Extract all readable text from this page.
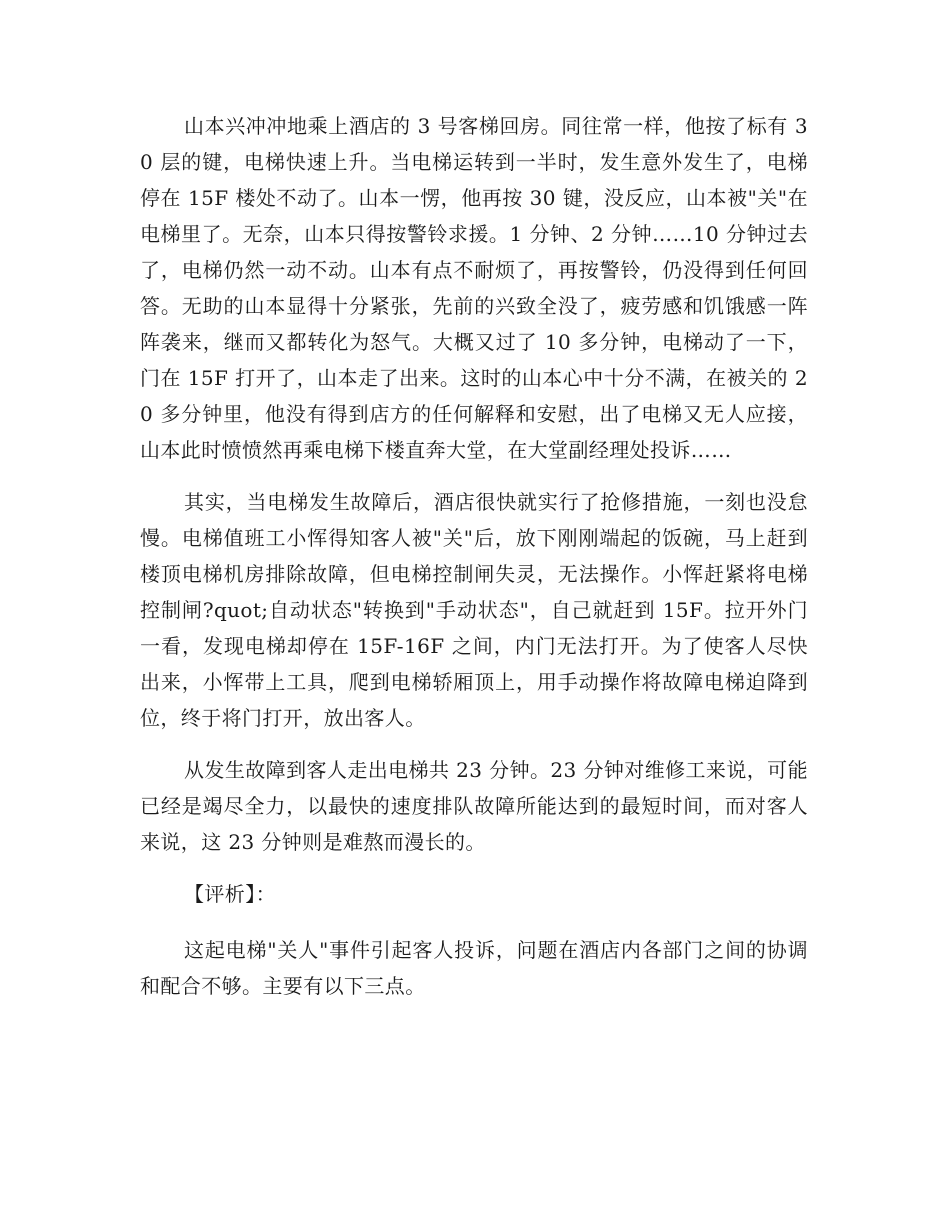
山本兴冲冲地乘上酒店的 3 号客梯回房。同往常一样，他按了标有 30 层的键，电梯快速上升。当电梯运转到一半时，发生意外发生了，电梯停在 15F 楼处不动了。山本一愣，他再按 30 键，没反应，山本被"关"在电梯里了。无奈，山本只得按警铃求援。1 分钟、2 分钟……10 分钟过去了，电梯仍然一动不动。山本有点不耐烦了，再按警铃，仍没得到任何回答。无助的山本显得十分紧张，先前的兴致全没了，疲劳感和饥饿感一阵阵袭来，继而又都转化为怒气。大概又过了 10 多分钟，电梯动了一下，门在 15F 打开了，山本走了出来。这时的山本心中十分不满，在被关的 20 多分钟里，他没有得到店方的任何解释和安慰，出了电梯又无人应接，山本此时愤愤然再乘电梯下楼直奔大堂，在大堂副经理处投诉……

其实，当电梯发生故障后，酒店很快就实行了抢修措施，一刻也没怠慢。电梯值班工小恽得知客人被"关"后，放下刚刚端起的饭碗，马上赶到楼顶电梯机房排除故障，但电梯控制闸失灵，无法操作。小恽赶紧将电梯控制闸?quot;自动状态"转换到"手动状态"，自己就赶到 15F。拉开外门一看，发现电梯却停在 15F-16F 之间，内门无法打开。为了使客人尽快出来，小恽带上工具，爬到电梯轿厢顶上，用手动操作将故障电梯迫降到位，终于将门打开，放出客人。

从发生故障到客人走出电梯共 23 分钟。23 分钟对维修工来说，可能已经是竭尽全力，以最快的速度排队故障所能达到的最短时间，而对客人来说，这 23 分钟则是难熬而漫长的。

【评析】：

这起电梯"关人"事件引起客人投诉，问题在酒店内各部门之间的协调和配合不够。主要有以下三点。
